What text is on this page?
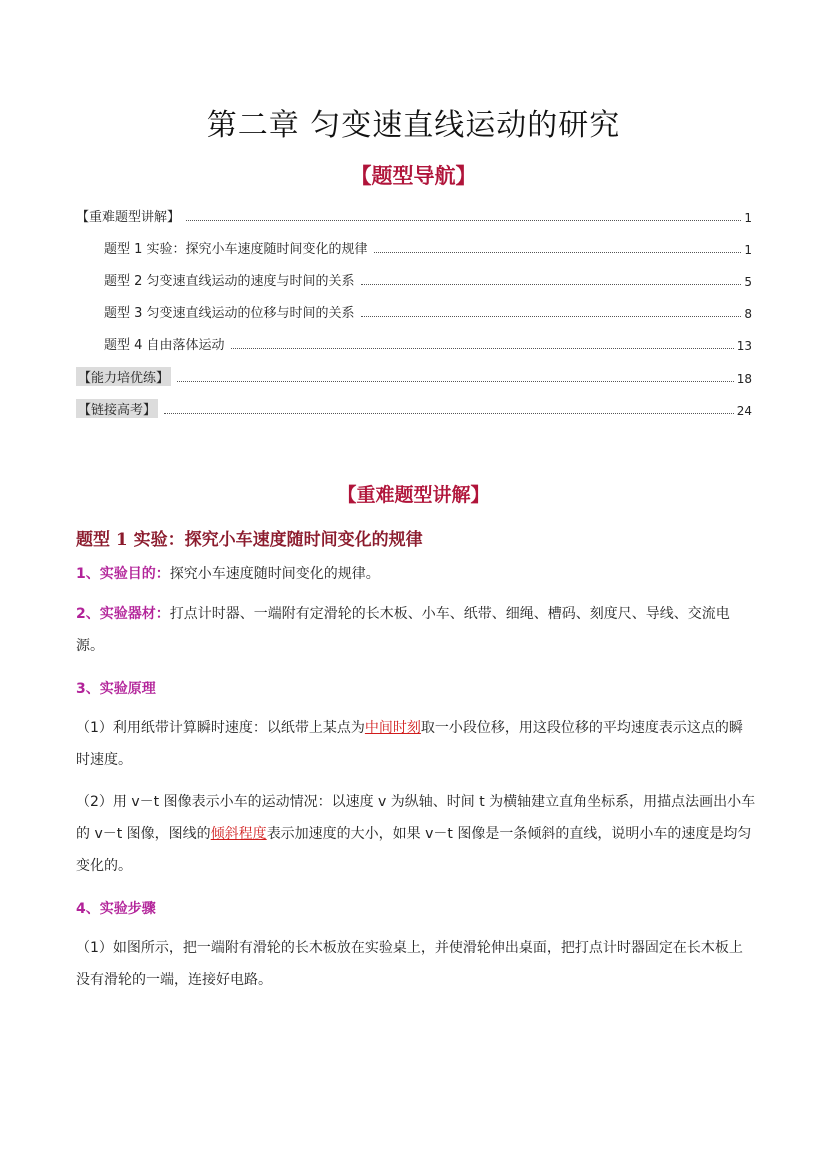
第二章 匀变速直线运动的研究
【题型导航】
【重难题型讲解】	1
题型 1 实验：探究小车速度随时间变化的规律	1
题型 2 匀变速直线运动的速度与时间的关系	5
题型 3 匀变速直线运动的位移与时间的关系	8
题型 4 自由落体运动	13
【能力培优练】	18
【链接高考】	24
【重难题型讲解】
题型 1 实验：探究小车速度随时间变化的规律
1、实验目的：探究小车速度随时间变化的规律。
2、实验器材：打点计时器、一端附有定滑轮的长木板、小车、纸带、细绳、槽码、刻度尺、导线、交流电源。
3、实验原理
（1）利用纸带计算瞬时速度：以纸带上某点为中间时刻取一小段位移，用这段位移的平均速度表示这点的瞬时速度。
（2）用 v－t 图像表示小车的运动情况：以速度 v 为纵轴、时间 t 为横轴建立直角坐标系，用描点法画出小车的 v－t 图像，图线的倾斜程度表示加速度的大小，如果 v－t 图像是一条倾斜的直线，说明小车的速度是均匀变化的。
4、实验步骤
（1）如图所示，把一端附有滑轮的长木板放在实验桌上，并使滑轮伸出桌面，把打点计时器固定在长木板上没有滑轮的一端，连接好电路。
